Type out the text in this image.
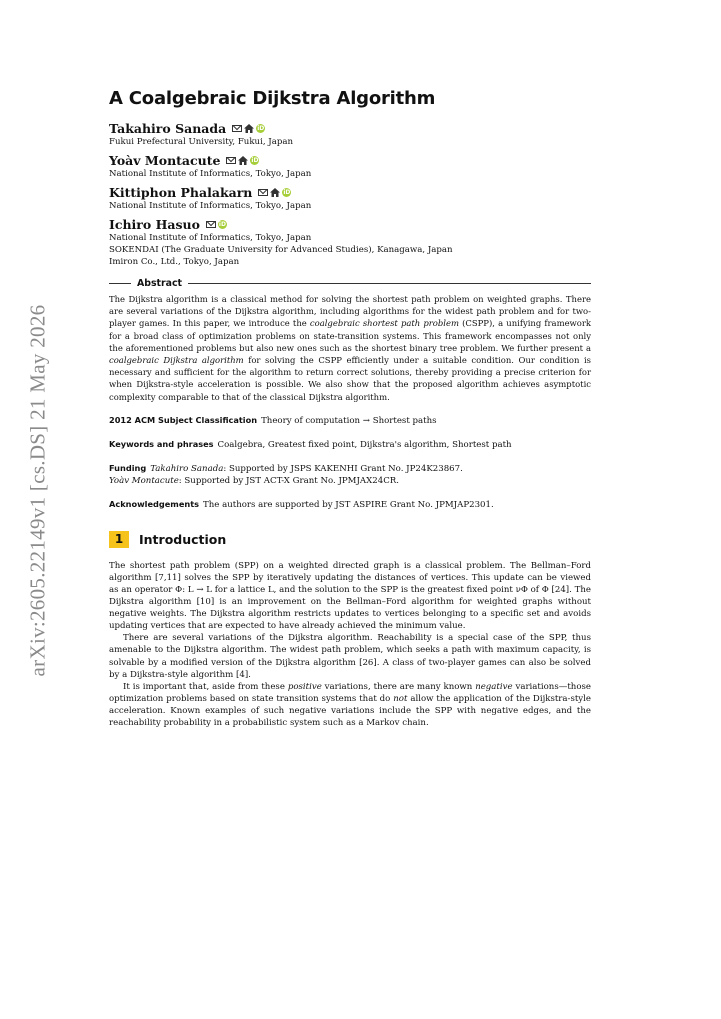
arXiv:2605.22149v1 [cs.DS] 21 May 2026
A Coalgebraic Dijkstra Algorithm
Takahiro Sanada	iD
Fukui Prefectural University, Fukui, Japan
Yoàv Montacute	iD
National Institute of Informatics, Tokyo, Japan
Kittiphon Phalakarn	iD
National Institute of Informatics, Tokyo, Japan
Ichiro Hasuo	iD
National Institute of Informatics, Tokyo, Japan
SOKENDAI (The Graduate University for Advanced Studies), Kanagawa, Japan
Imiron Co., Ltd., Tokyo, Japan
Abstract

The Dijkstra algorithm is a classical method for solving the shortest path problem on weighted graphs. There are several variations of the Dijkstra algorithm, including algorithms for the widest path problem and for two-player games. In this paper, we introduce the coalgebraic shortest path problem (CSPP), a unifying framework for a broad class of optimization problems on state-transition systems. This framework encompasses not only the aforementioned problems but also new ones such as the shortest binary tree problem. We further present a coalgebraic Dijkstra algorithm for solving the CSPP efficiently under a suitable condition. Our condition is necessary and sufficient for the algorithm to return correct solutions, thereby providing a precise criterion for when Dijkstra-style acceleration is possible. We also show that the proposed algorithm achieves asymptotic complexity comparable to that of the classical Dijkstra algorithm.

2012 ACM Subject Classification Theory of computation → Shortest paths
Keywords and phrases Coalgebra, Greatest fixed point, Dijkstra's algorithm, Shortest path
Funding Takahiro Sanada: Supported by JSPS KAKENHI Grant No. JP24K23867.
Yoàv Montacute: Supported by JST ACT-X Grant No. JPMJAX24CR.
Acknowledgements The authors are supported by JST ASPIRE Grant No. JPMJAP2301.
1	Introduction

The shortest path problem (SPP) on a weighted directed graph is a classical problem. The Bellman–Ford algorithm [7,11] solves the SPP by iteratively updating the distances of vertices. This update can be viewed as an operator Φ: L → L for a lattice L, and the solution to the SPP is the greatest fixed point νΦ of Φ [24]. The Dijkstra algorithm [10] is an improvement on the Bellman–Ford algorithm for weighted graphs without negative weights. The Dijkstra algorithm restricts updates to vertices belonging to a specific set and avoids updating vertices that are expected to have already achieved the minimum value.

There are several variations of the Dijkstra algorithm. Reachability is a special case of the SPP, thus amenable to the Dijkstra algorithm. The widest path problem, which seeks a path with maximum capacity, is solvable by a modified version of the Dijkstra algorithm [26]. A class of two-player games can also be solved by a Dijkstra-style algorithm [4].

It is important that, aside from these positive variations, there are many known negative variations—those optimization problems based on state transition systems that do not allow the application of the Dijkstra-style acceleration. Known examples of such negative variations include the SPP with negative edges, and the reachability probability in a probabilistic system such as a Markov chain.
